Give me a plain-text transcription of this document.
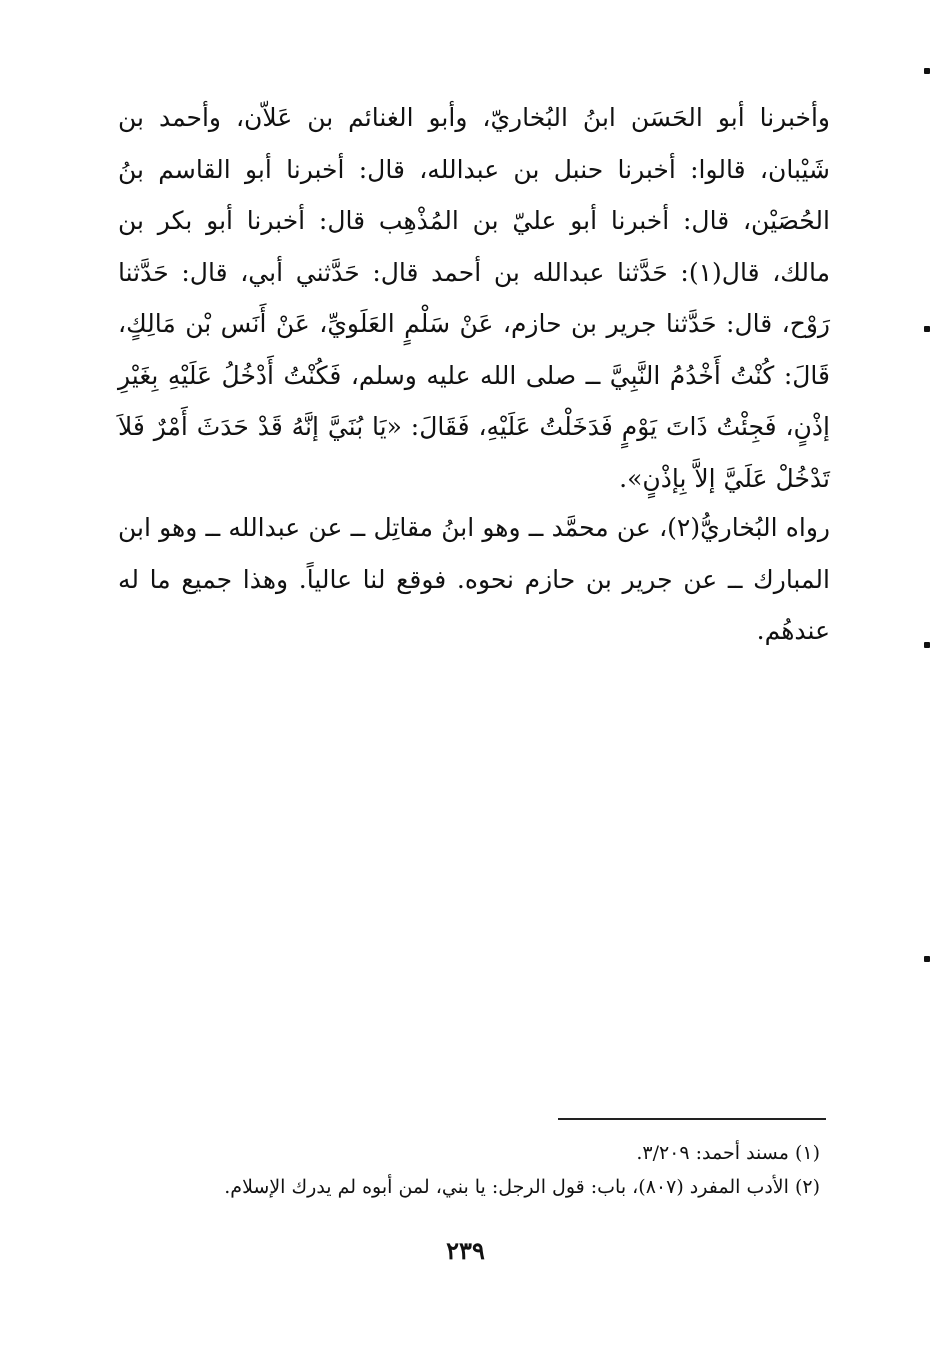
وأخبرنا أبو الحَسَن ابنُ البُخاريّ، وأبو الغنائم بن عَلاّن، وأحمد بن شَيْبان، قالوا: أخبرنا حنبل بن عبدالله، قال: أخبرنا أبو القاسم بنُ الحُصَيْن، قال: أخبرنا أبو عليّ بن المُذْهِب قال: أخبرنا أبو بكر بن مالك، قال(١): حَدَّثنا عبدالله بن أحمد قال: حَدَّثني أبي، قال: حَدَّثنا رَوْح، قال: حَدَّثنا جرير بن حازم، عَنْ سَلْمٍ العَلَويِّ، عَنْ أَنَس بْن مَالِكٍ، قَالَ: كُنْتُ أَخْدُمُ النَّبِيَّ ــ صلى الله عليه وسلم، فَكُنْتُ أَدْخُلُ عَلَيْهِ بِغَيْرِ إذْنٍ، فَجِئْتُ ذَاتَ يَوْمٍ فَدَخَلْتُ عَلَيْهِ، فَقَالَ: «يَا بُنَيَّ إنَّهُ قَدْ حَدَثَ أَمْرٌ فَلاَ تَدْخُلْ عَلَيَّ إلاَّ بِإذْنٍ».
رواه البُخاريُّ(٢)، عن محمَّد ــ وهو ابنُ مقاتِل ــ عن عبدالله ــ وهو ابن المبارك ــ عن جرير بن حازم نحوه. فوقع لنا عالياً. وهذا جميع ما له عندهُم.

(١) مسند أحمد: ٣/٢٠٩.

(٢) الأدب المفرد (٨٠٧)، باب: قول الرجل: يا بني، لمن أبوه لم يدرك الإسلام.

٢٣٩
